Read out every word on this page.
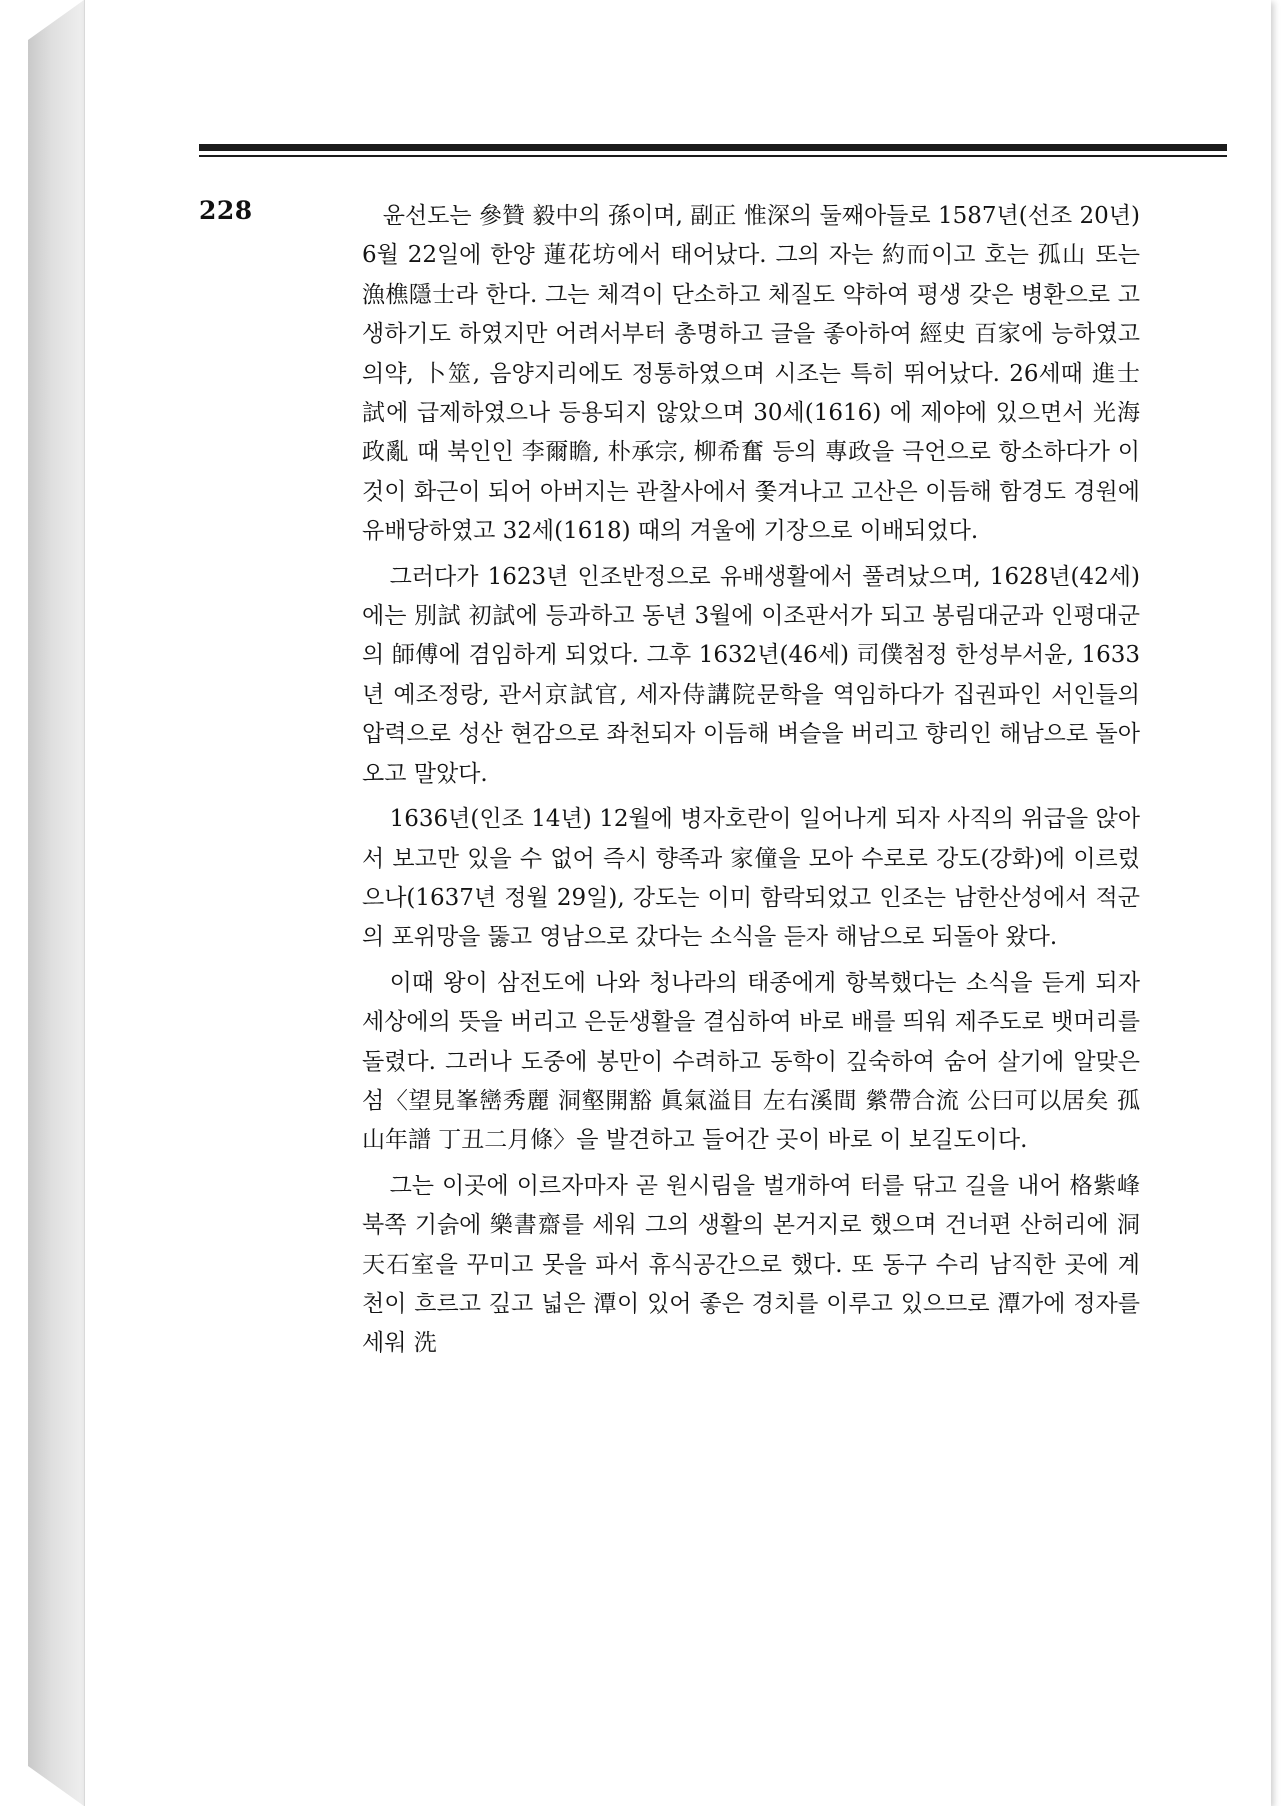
228	윤선도는 參贊 毅中의 孫이며, 副正 惟深의 둘째아들로 1587년(선조 20년) 6월 22일에 한양 蓮花坊에서 태어났다. 그의 자는 約而이고 호는 孤山 또는 漁樵隱士라 한다. 그는 체격이 단소하고 체질도 약하여 평생 갖은 병환으로 고생하기도 하였지만 어려서부터 총명하고 글을 좋아하여 經史 百家에 능하였고 의약, 卜筮, 음양지리에도 정통하였으며 시조는 특히 뛰어났다. 26세때 進士試에 급제하였으나 등용되지 않았으며 30세(1616) 에 제야에 있으면서 光海政亂 때 북인인 李爾瞻, 朴承宗, 柳希奮 등의 專政을 극언으로 항소하다가 이것이 화근이 되어 아버지는 관찰사에서 쫓겨나고 고산은 이듬해 함경도 경원에 유배당하였고 32세(1618) 때의 겨울에 기장으로 이배되었다.

그러다가 1623년 인조반정으로 유배생활에서 풀려났으며, 1628년(42세)에는 別試 初試에 등과하고 동년 3월에 이조판서가 되고 봉림대군과 인평대군의 師傅에 겸임하게 되었다. 그후 1632년(46세) 司僕첨정 한성부서윤, 1633년 예조정랑, 관서京試官, 세자侍講院문학을 역임하다가 집권파인 서인들의 압력으로 성산 현감으로 좌천되자 이듬해 벼슬을 버리고 향리인 해남으로 돌아오고 말았다.

1636년(인조 14년) 12월에 병자호란이 일어나게 되자 사직의 위급을 앉아서 보고만 있을 수 없어 즉시 향족과 家僮을 모아 수로로 강도(강화)에 이르렀으나(1637년 정월 29일), 강도는 이미 함락되었고 인조는 남한산성에서 적군의 포위망을 뚫고 영남으로 갔다는 소식을 듣자 해남으로 되돌아 왔다.

이때 왕이 삼전도에 나와 청나라의 태종에게 항복했다는 소식을 듣게 되자 세상에의 뜻을 버리고 은둔생활을 결심하여 바로 배를 띄워 제주도로 뱃머리를 돌렸다. 그러나 도중에 봉만이 수려하고 동학이 깊숙하여 숨어 살기에 알맞은 섬〈望見峯巒秀麗 洞壑開豁 眞氣溢目 左右溪間 縈帶合流 公曰可以居矣 孤山年譜 丁丑二月條〉을 발견하고 들어간 곳이 바로 이 보길도이다.

그는 이곳에 이르자마자 곧 원시림을 벌개하여 터를 닦고 길을 내어 格紫峰 북쪽 기슭에 樂書齋를 세워 그의 생활의 본거지로 했으며 건너편 산허리에 洞天石室을 꾸미고 못을 파서 휴식공간으로 했다. 또 동구 수리 남직한 곳에 계천이 흐르고 깊고 넓은 潭이 있어 좋은 경치를 이루고 있으므로 潭가에 정자를 세워 洗
